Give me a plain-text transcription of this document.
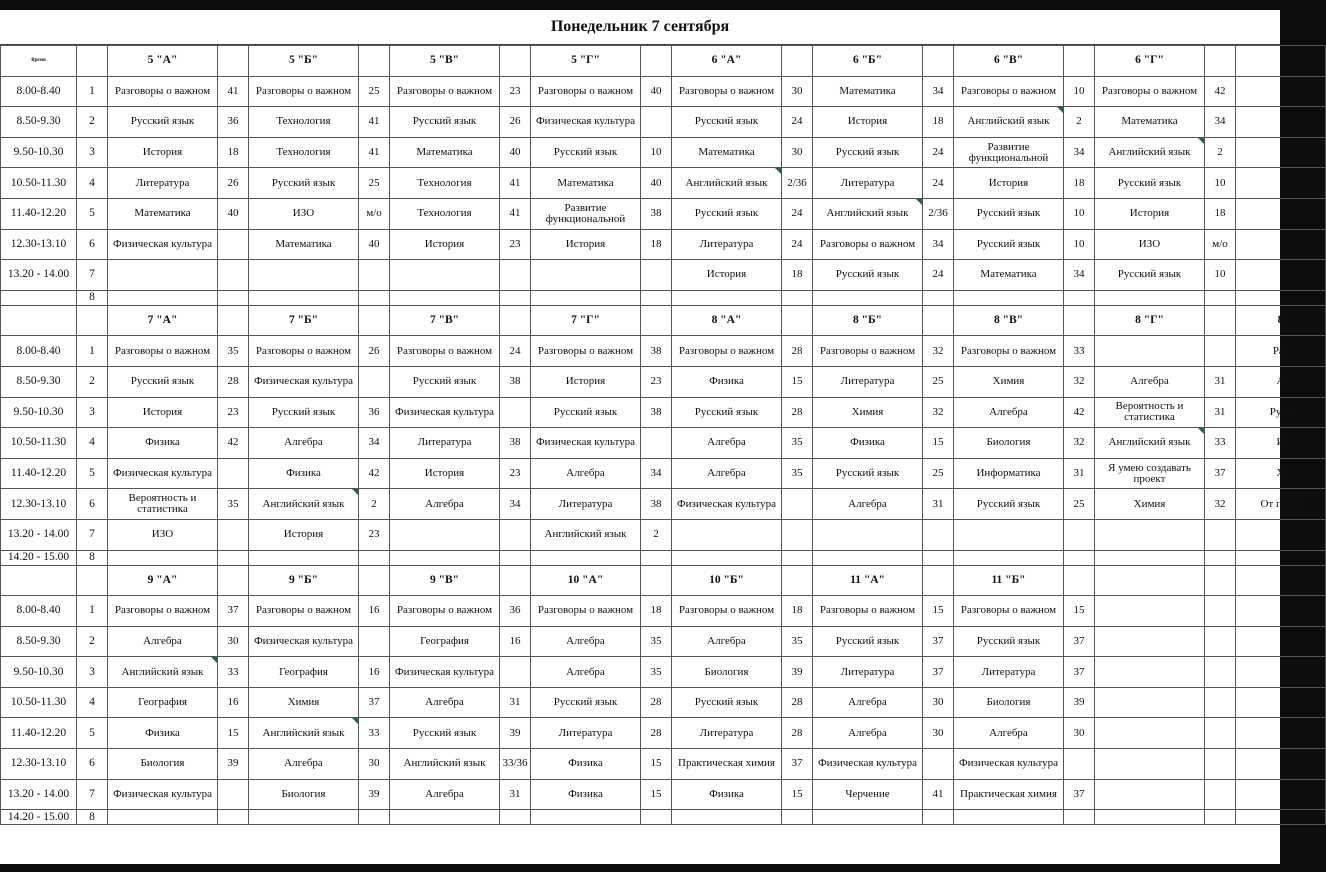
Понедельник 7 сентября
Время		5 "А"		5 "Б"		5 "В"		5 "Г"		6 "А"		6 "Б"		6 "В"		6 "Г"		
8.00-8.40	1	Разговоры о важном	41	Разговоры о важном	25	Разговоры о важном	23	Разговоры о важном	40	Разговоры о важном	30	Математика	34	Разговоры о важном	10	Разговоры о важном	42	
8.50-9.30	2	Русский язык	36	Технология	41	Русский язык	26	Физическая культура		Русский язык	24	История	18	Английский язык	2	Математика	34	
9.50-10.30	3	История	18	Технология	41	Математика	40	Русский язык	10	Математика	30	Русский язык	24	Развитие функциональной	34	Английский язык	2	
10.50-11.30	4	Литература	26	Русский язык	25	Технология	41	Математика	40	Английский язык	2/36	Литература	24	История	18	Русский язык	10	
11.40-12.20	5	Математика	40	ИЗО	м/о	Технология	41	Развитие функциональной	38	Русский язык	24	Английский язык	2/36	Русский язык	10	История	18	
12.30-13.10	6	Физическая культура		Математика	40	История	23	История	18	Литература	24	Разговоры о важном	34	Русский язык	10	ИЗО	м/о	
13.20 - 14.00	7									История	18	Русский язык	24	Математика	34	Русский язык	10	
	8																	
		7 "А"		7 "Б"		7 "В"		7 "Г"		8 "А"		8 "Б"		8 "В"		8 "Г"		8
8.00-8.40	1	Разговоры о важном	35	Разговоры о важном	26	Разговоры о важном	24	Разговоры о важном	38	Разговоры о важном	28	Разговоры о важном	32	Разговоры о важном	33			Раз
8.50-9.30	2	Русский язык	28	Физическая культура		Русский язык	38	История	23	Физика	15	Литература	25	Химия	32	Алгебра	31	А
9.50-10.30	3	История	23	Русский язык	36	Физическая культура		Русский язык	38	Русский язык	28	Химия	32	Алгебра	42	Вероятность и статистика	31	Русс
10.50-11.30	4	Физика	42	Алгебра	34	Литература	38	Физическая культура		Алгебра	35	Физика	15	Биология	32	Английский язык	33	И
11.40-12.20	5	Физическая культура		Физика	42	История	23	Алгебра	34	Алгебра	35	Русский язык	25	Информатика	31	Я умею создавать проект	37	Х
12.30-13.10	6	Вероятность и статистика	35	Английский язык	2	Алгебра	34	Литература	38	Физическая культура		Алгебра	31	Русский язык	25	Химия	32	От п сло
13.20 - 14.00	7	ИЗО		История	23			Английский язык	2									
14.20 - 15.00	8																	
		9 "А"		9 "Б"		9 "В"		10 "А"		10 "Б"		11 "А"		11 "Б"				
8.00-8.40	1	Разговоры о важном	37	Разговоры о важном	16	Разговоры о важном	36	Разговоры о важном	18	Разговоры о важном	18	Разговоры о важном	15	Разговоры о важном	15			
8.50-9.30	2	Алгебра	30	Физическая культура		География	16	Алгебра	35	Алгебра	35	Русский язык	37	Русский язык	37			
9.50-10.30	3	Английский язык	33	География	16	Физическая культура		Алгебра	35	Биология	39	Литература	37	Литература	37			
10.50-11.30	4	География	16	Химия	37	Алгебра	31	Русский язык	28	Русский язык	28	Алгебра	30	Биология	39			
11.40-12.20	5	Физика	15	Английский язык	33	Русский язык	39	Литература	28	Литература	28	Алгебра	30	Алгебра	30			
12.30-13.10	6	Биология	39	Алгебра	30	Английский язык	33/36	Физика	15	Практическая химия	37	Физическая культура		Физическая культура				
13.20 - 14.00	7	Физическая культура		Биология	39	Алгебра	31	Физика	15	Физика	15	Черчение	41	Практическая химия	37			
14.20 - 15.00	8																	
